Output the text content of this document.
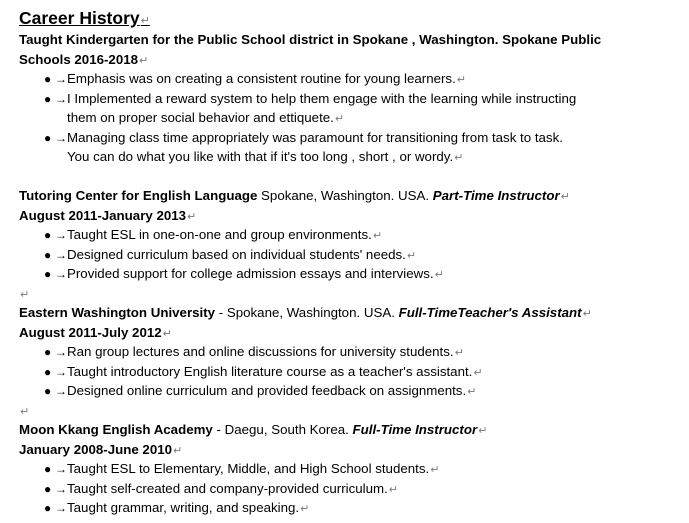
Career History↵
Taught Kindergarten for the Public School district in Spokane , Washington. Spokane Public
Schools 2016-2018↵
● →Emphasis was on creating a consistent routine for young learners.↵
● →I Implemented a reward system to help them engage with the learning while instructing
them on proper social behavior and ettiquete.↵
● →Managing class time appropriately was paramount for transitioning from task to task.
You can do what you like with that if it's too long , short , or wordy.↵
Tutoring Center for English Language Spokane, Washington. USA. Part-Time Instructor↵
August 2011-January 2013↵
● →Taught ESL in one-on-one and group environments.↵
● →Designed curriculum based on individual students' needs.↵
● →Provided support for college admission essays and interviews.↵
↵
Eastern Washington University - Spokane, Washington. USA. Full-TimeTeacher's Assistant↵
August 2011-July 2012↵
● →Ran group lectures and online discussions for university students.↵
● →Taught introductory English literature course as a teacher's assistant.↵
● →Designed online curriculum and provided feedback on assignments.↵
↵
Moon Kkang English Academy - Daegu, South Korea. Full-Time Instructor↵
January 2008-June 2010↵
● →Taught ESL to Elementary, Middle, and High School students.↵
● →Taught self-created and company-provided curriculum.↵
● →Taught grammar, writing, and speaking.↵
